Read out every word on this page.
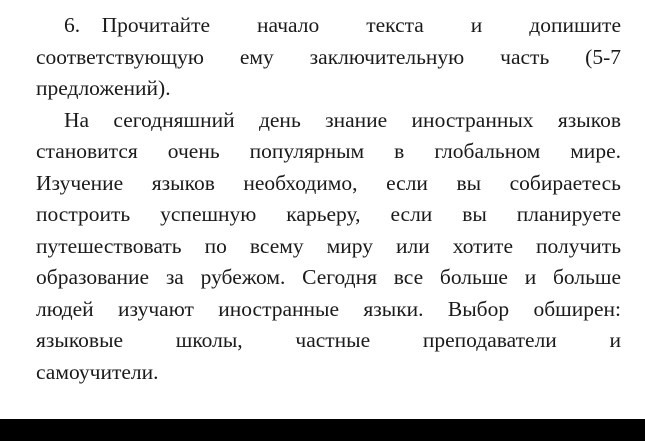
6. Прочитайте начало текста и допишите
соответствующую ему заключительную часть (5-7
предложений).
На сегодняшний день знание иностранных языков
становится очень популярным в глобальном мире.
Изучение языков необходимо, если вы собираетесь
построить успешную карьеру, если вы планируете
путешествовать по всему миру или хотите получить
образование за рубежом. Сегодня все больше и больше
людей изучают иностранные языки. Выбор обширен:
языковые школы, частные преподаватели и
самоучители.
